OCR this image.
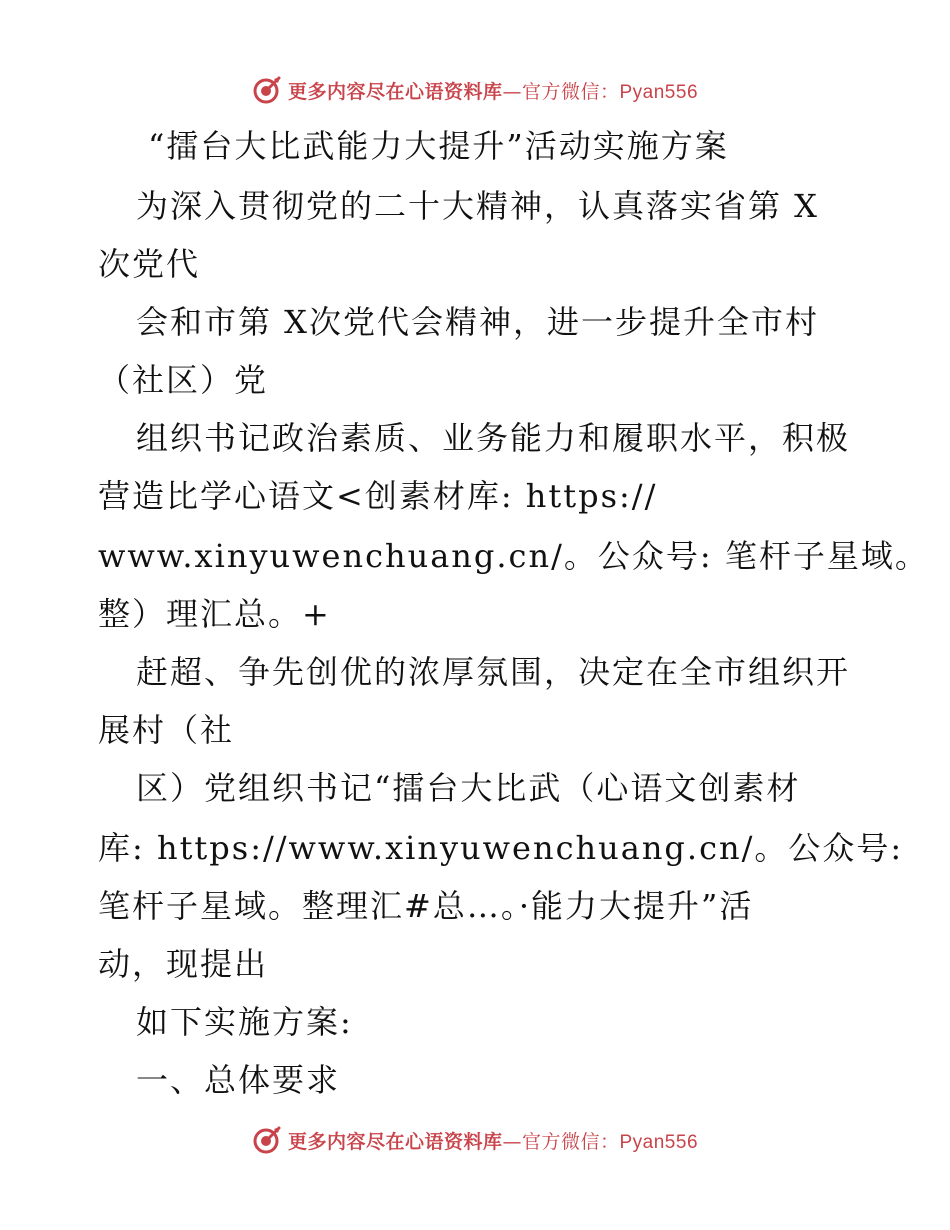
更多内容尽在心语资料库—官方微信：Pyan556
“擂台大比武能力大提升”活动实施方案
为深入贯彻党的二十大精神，认真落实省第 X
次党代
会和市第 X次党代会精神，进一步提升全市村
（社区）党
组织书记政治素质、业务能力和履职水平，积极
营造比学心语文<创素材库: https://
www.xinyuwenchuang.cn/。公众号: 笔杆子星域。
整）理汇总。+
赶超、争先创优的浓厚氛围，决定在全市组织开
展村（社
区）党组织书记“擂台大比武（心语文创素材
库: https://www.xinyuwenchuang.cn/。公众号:
笔杆子星域。整理汇#总…。·能力大提升”活
动，现提出
如下实施方案:
一、总体要求
更多内容尽在心语资料库—官方微信：Pyan556
